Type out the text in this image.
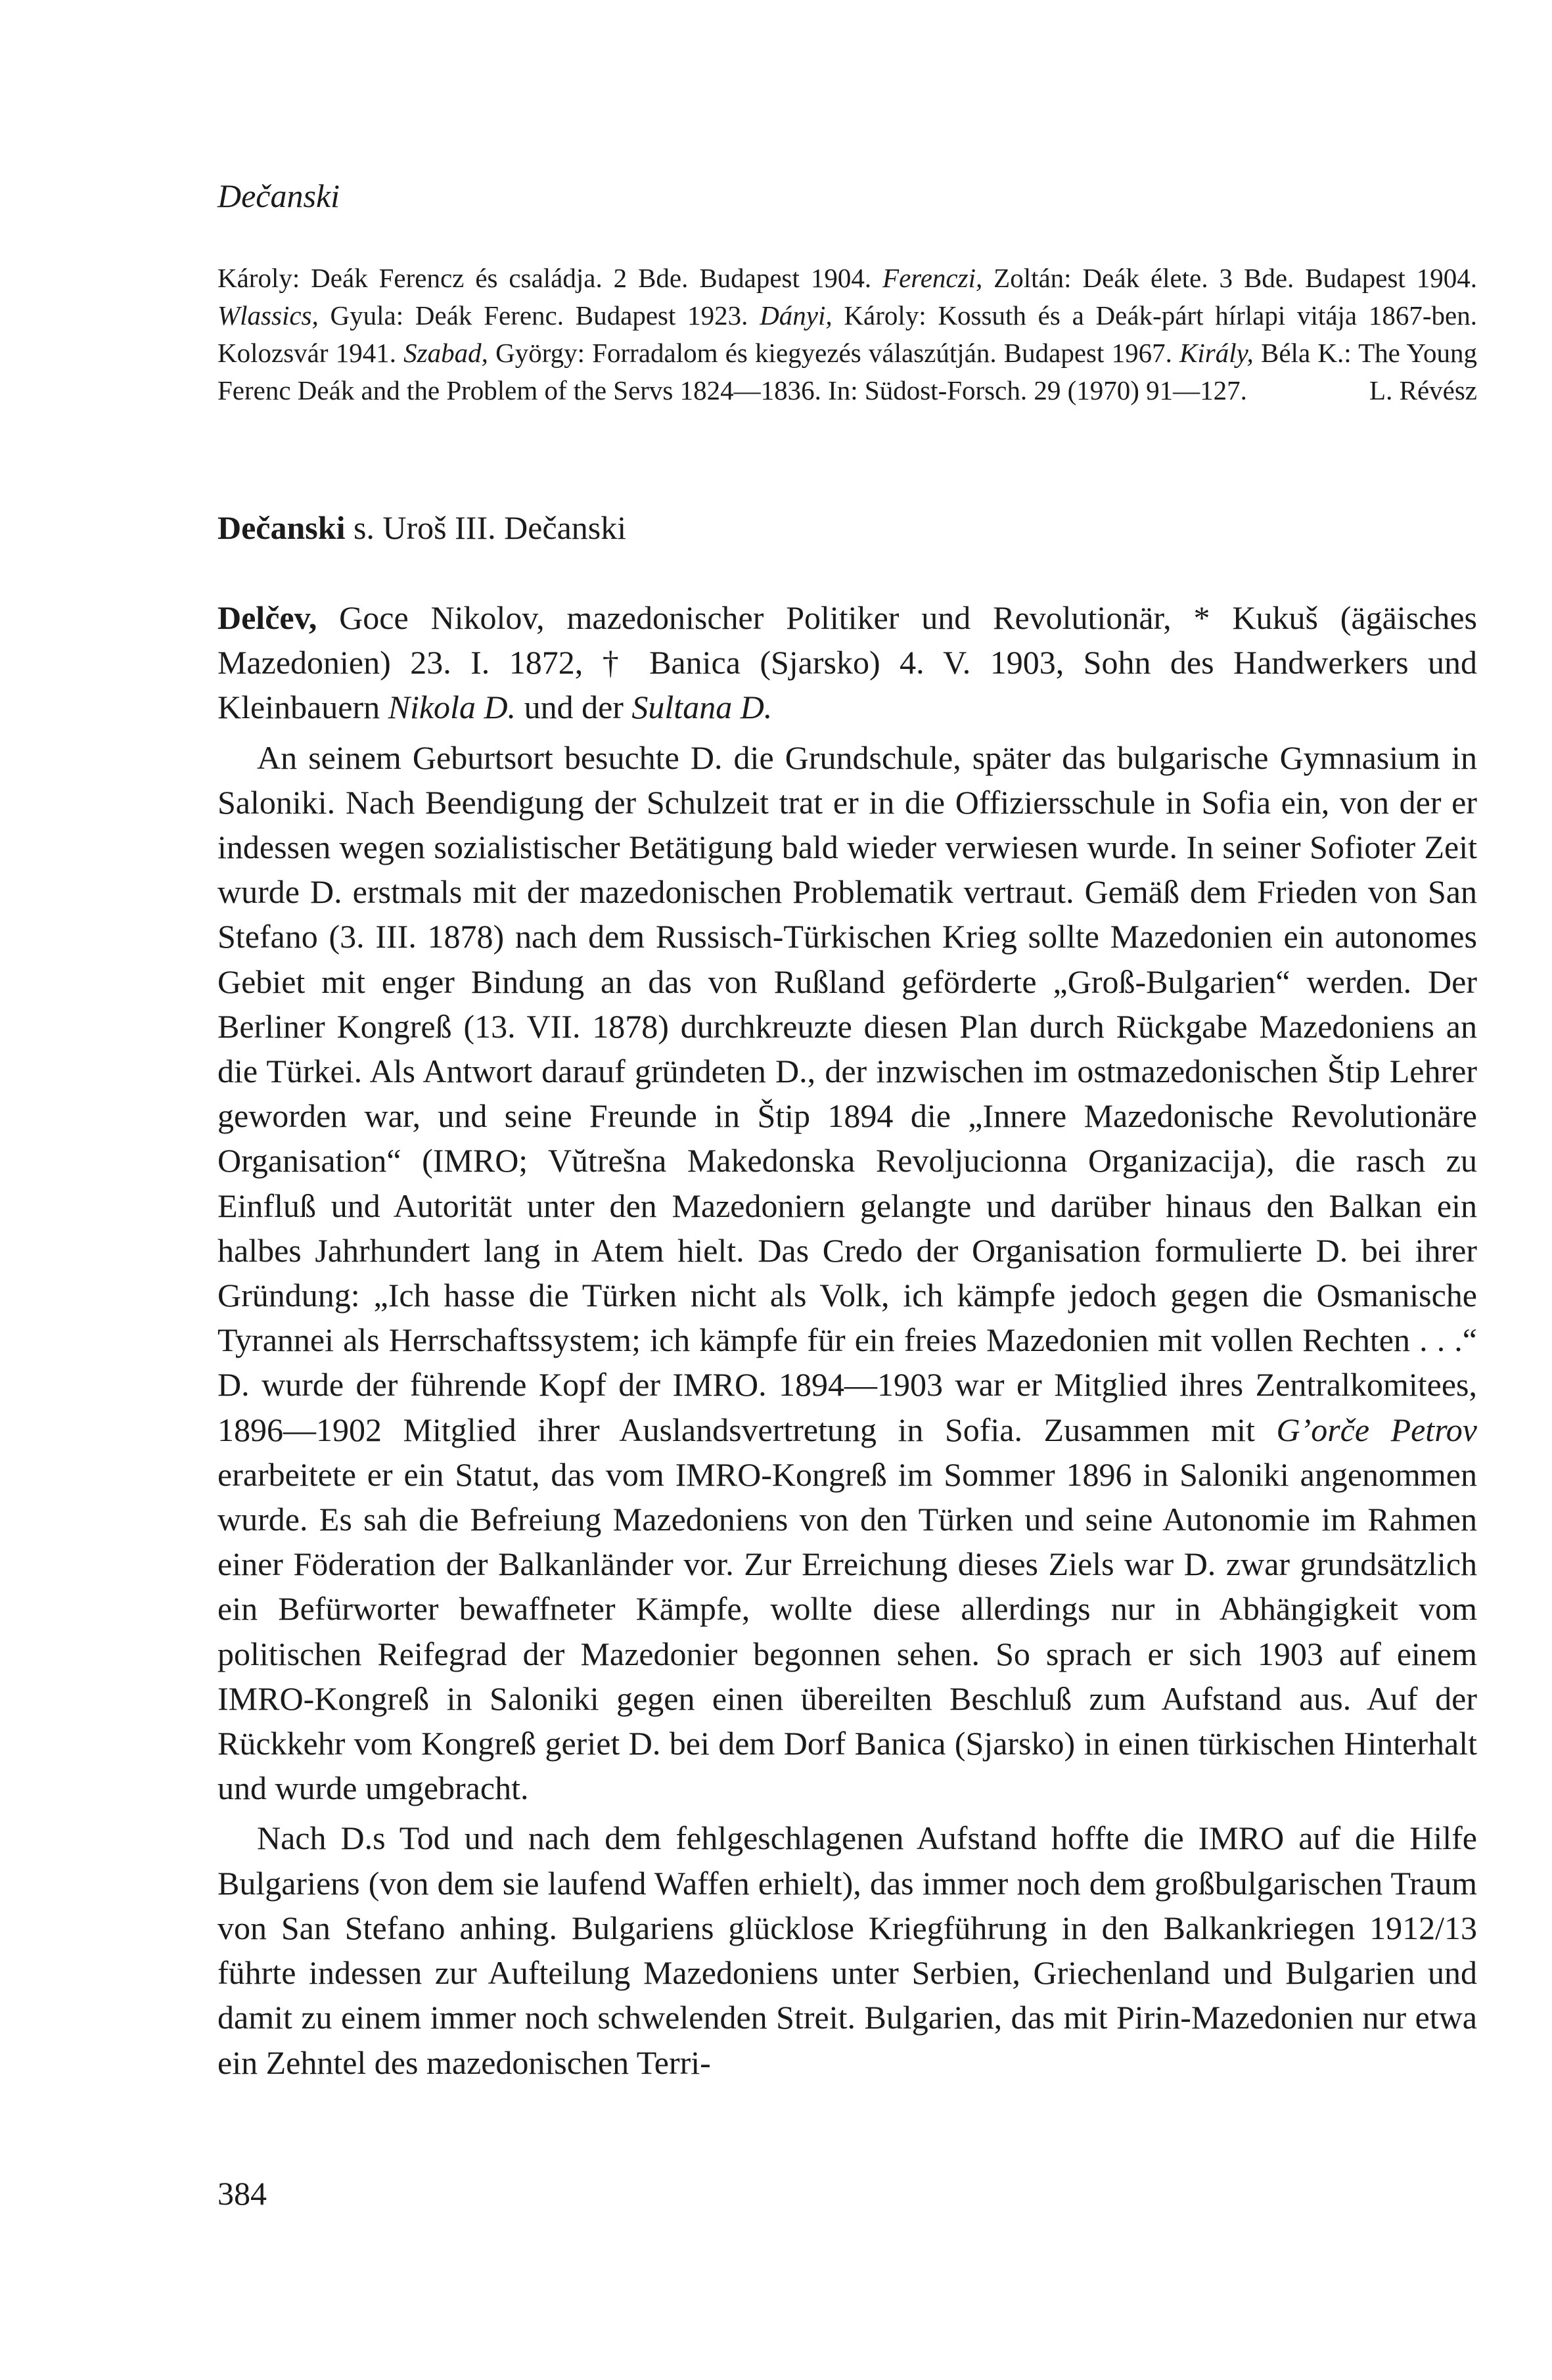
Dečanski

Károly: Deák Ferencz és családja. 2 Bde. Budapest 1904. Ferenczi, Zoltán: Deák élete. 3 Bde. Budapest 1904. Wlassics, Gyula: Deák Ferenc. Budapest 1923. Dányi, Károly: Kossuth és a Deák-párt hírlapi vitája 1867-ben. Kolozsvár 1941. Szabad, György: Forradalom és kiegyezés válaszútján. Budapest 1967. Király, Béla K.: The Young Ferenc Deák and the Problem of the Servs 1824—1836. In: Südost-Forsch. 29 (1970) 91—127.	L. Révész

Dečanski s. Uroš III. Dečanski

Delčev, Goce Nikolov, mazedonischer Politiker und Revolutionär, * Kukuš (ägäisches Mazedonien) 23. I. 1872, † Banica (Sjarsko) 4. V. 1903, Sohn des Handwerkers und Kleinbauern Nikola D. und der Sultana D.

An seinem Geburtsort besuchte D. die Grundschule, später das bulgarische Gymnasium in Saloniki. Nach Beendigung der Schulzeit trat er in die Offiziersschule in Sofia ein, von der er indessen wegen sozialistischer Betätigung bald wieder verwiesen wurde. In seiner Sofioter Zeit wurde D. erstmals mit der mazedonischen Problematik vertraut. Gemäß dem Frieden von San Stefano (3. III. 1878) nach dem Russisch-Türkischen Krieg sollte Mazedonien ein autonomes Gebiet mit enger Bindung an das von Rußland geförderte „Groß-Bulgarien“ werden. Der Berliner Kongreß (13. VII. 1878) durchkreuzte diesen Plan durch Rückgabe Mazedoniens an die Türkei. Als Antwort darauf gründeten D., der inzwischen im ostmazedonischen Štip Lehrer geworden war, und seine Freunde in Štip 1894 die „Innere Mazedonische Revolutionäre Organisation“ (IMRO; Vŭtrešna Makedonska Revoljucionna Organizacija), die rasch zu Einfluß und Autorität unter den Mazedoniern gelangte und darüber hinaus den Balkan ein halbes Jahrhundert lang in Atem hielt. Das Credo der Organisation formulierte D. bei ihrer Gründung: „Ich hasse die Türken nicht als Volk, ich kämpfe jedoch gegen die Osmanische Tyrannei als Herrschaftssystem; ich kämpfe für ein freies Mazedonien mit vollen Rechten . . .“ D. wurde der führende Kopf der IMRO. 1894—1903 war er Mitglied ihres Zentralkomitees, 1896—1902 Mitglied ihrer Auslandsvertretung in Sofia. Zusammen mit G’orče Petrov erarbeitete er ein Statut, das vom IMRO-Kongreß im Sommer 1896 in Saloniki angenommen wurde. Es sah die Befreiung Mazedoniens von den Türken und seine Autonomie im Rahmen einer Föderation der Balkanländer vor. Zur Erreichung dieses Ziels war D. zwar grundsätzlich ein Befürworter bewaffneter Kämpfe, wollte diese allerdings nur in Abhängigkeit vom politischen Reifegrad der Mazedonier begonnen sehen. So sprach er sich 1903 auf einem IMRO-Kongreß in Saloniki gegen einen übereilten Beschluß zum Aufstand aus. Auf der Rückkehr vom Kongreß geriet D. bei dem Dorf Banica (Sjarsko) in einen türkischen Hinterhalt und wurde umgebracht.

Nach D.s Tod und nach dem fehlgeschlagenen Aufstand hoffte die IMRO auf die Hilfe Bulgariens (von dem sie laufend Waffen erhielt), das immer noch dem großbulgarischen Traum von San Stefano anhing. Bulgariens glücklose Kriegführung in den Balkankriegen 1912/13 führte indessen zur Aufteilung Mazedoniens unter Serbien, Griechenland und Bulgarien und damit zu einem immer noch schwelenden Streit. Bulgarien, das mit Pirin-Mazedonien nur etwa ein Zehntel des mazedonischen Terri-

384
